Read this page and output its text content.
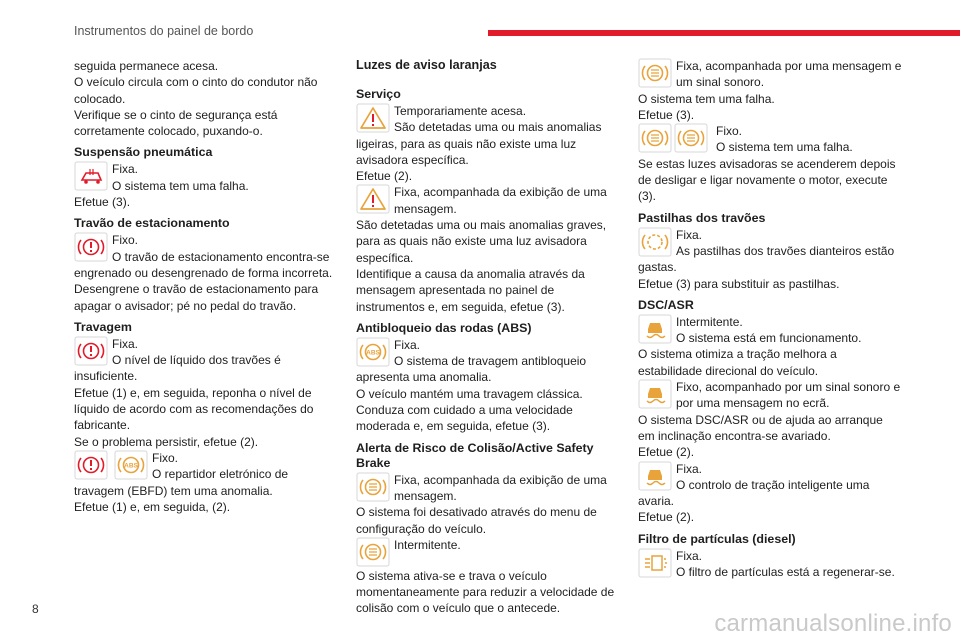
Instrumentos do painel de bordo
8
carmanualsonline.info

seguida permanece acesa.

O veículo circula com o cinto do condutor não colocado.

Verifique se o cinto de segurança está corretamente colocado, puxando-o.

Suspensão pneumática

Fixa.

O sistema tem uma falha.

Efetue (3).

Travão de estacionamento

Fixo.

O travão de estacionamento encontra-se engrenado ou desengrenado de forma incorreta.

Desengrene o travão de estacionamento para apagar o avisador; pé no pedal do travão.

Travagem

Fixa.

O nível de líquido dos travões é insuficiente.

Efetue (1) e, em seguida, reponha o nível de líquido de acordo com as recomendações do fabricante.

Se o problema persistir, efetue (2).

ABS

Fixo.

O repartidor eletrónico de travagem (EBFD) tem uma anomalia.

Efetue (1) e, em seguida, (2).

Luzes de aviso laranjas
Serviço

Temporariamente acesa.

São detetadas uma ou mais anomalias ligeiras, para as quais não existe uma luz avisadora específica.

Efetue (2).

Fixa, acompanhada da exibição de uma mensagem.

São detetadas uma ou mais anomalias graves, para as quais não existe uma luz avisadora específica.

Identifique a causa da anomalia através da mensagem apresentada no painel de instrumentos e, em seguida, efetue (3).

Antibloqueio das rodas (ABS)
ABS

Fixa.

O sistema de travagem antibloqueio apresenta uma anomalia.

O veículo mantém uma travagem clássica.

Conduza com cuidado a uma velocidade moderada e, em seguida, efetue (3).

Alerta de Risco de Colisão/Active Safety Brake

Fixa, acompanhada da exibição de uma mensagem.

O sistema foi desativado através do menu de configuração do veículo.

Intermitente.

O sistema ativa-se e trava o veículo momentaneamente para reduzir a velocidade de colisão com o veículo que o antecede.

Fixa, acompanhada por uma mensagem e um sinal sonoro.

O sistema tem uma falha.

Efetue (3).

Fixo.

O sistema tem uma falha.

Se estas luzes avisadoras se acenderem depois de desligar e ligar novamente o motor, execute (3).

Pastilhas dos travões

Fixa.

As pastilhas dos travões dianteiros estão gastas.

Efetue (3) para substituir as pastilhas.

DSC/ASR

Intermitente.

O sistema está em funcionamento.

O sistema otimiza a tração melhora a estabilidade direcional do veículo.

Fixo, acompanhado por um sinal sonoro e por uma mensagem no ecrã.

O sistema DSC/ASR ou de ajuda ao arranque em inclinação encontra-se avariado.

Efetue (2).

Fixa.

O controlo de tração inteligente uma avaria.

Efetue (2).

Filtro de partículas (diesel)

Fixa.

O filtro de partículas está a regenerar-se.
